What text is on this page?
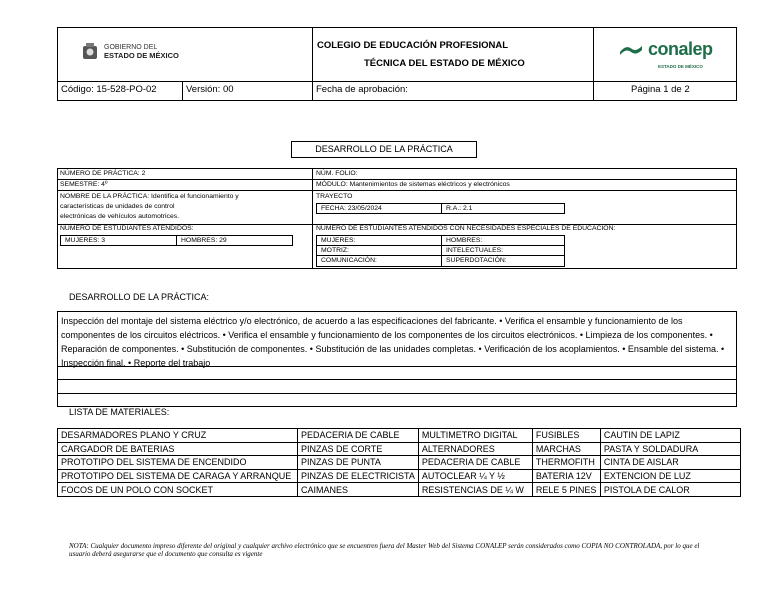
GOBIERNO DEL
ESTADO DE MÉXICO
COLEGIO DE EDUCACIÓN PROFESIONAL
TÉCNICA DEL ESTADO DE MÉXICO
conalep
ESTADO DE MÉXICO
Código: 15-528-PO-02	Versión: 00	Fecha de aprobación:	Página 1 de 2
DESARROLLO DE LA PRÁCTICA
NÚMERO DE PRÁCTICA: 2
SEMESTRE: 4º
NOMBRE DE LA PRÁCTICA: Identifica el funcionamiento y
características de unidades de control
electrónicas de vehículos automotrices.
NÚMERO DE ESTUDIANTES ATENDIDOS:
MUJERES: 3	HOMBRES: 29
NÚM. FOLIO:
MÓDULO: Mantenimientos de sistemas eléctricos y electrónicos
TRAYECTO
FECHA: 23/05/2024	R.A.: 2.1
NÚMERO DE ESTUDIANTES ATENDIDOS CON NECESIDADES ESPECIALES DE EDUCACIÓN:
MUJERES:	HOMBRES:
MOTRIZ:	INTELECTUALES:
COMUNICACIÓN:	SUPERDOTACIÓN:
DESARROLLO DE LA PRÁCTICA:
Inspección del montaje del sistema eléctrico y/o electrónico, de acuerdo a las especificaciones del fabricante. • Verifica el ensamble y funcionamiento de los componentes de los circuitos eléctricos. • Verifica el ensamble y funcionamiento de los componentes de los circuitos electrónicos. • Limpieza de los componentes. • Reparación de componentes. • Substitución de componentes. • Substitución de las unidades completas. • Verificación de los acoplamientos. • Ensamble del sistema. • Inspección final. • Reporte del trabajo
LISTA DE MATERIALES:
DESARMADORES PLANO Y CRUZ	PEDACERIA DE CABLE	MULTIMETRO DIGITAL	FUSIBLES	CAUTIN DE LAPIZ
CARGADOR DE BATERIAS	PINZAS DE CORTE	ALTERNADORES	MARCHAS	PASTA Y SOLDADURA
PROTOTIPO DEL SISTEMA DE ENCENDIDO	PINZAS DE PUNTA	PEDACERIA DE CABLE	THERMOFITH	CINTA DE AISLAR
PROTOTIPO DEL SISTEMA DE CARAGA Y ARRANQUE	PINZAS DE ELECTRICISTA	AUTOCLEAR ¼ Y ½	BATERIA 12V	EXTENCION DE LUZ
FOCOS DE UN POLO CON SOCKET	CAIMANES	RESISTENCIAS DE ¼ W	RELE 5 PINES	PISTOLA DE CALOR
NOTA: Cualquier documento impreso diferente del original y cualquier archivo electrónico que se encuentren fuera del Master Web del Sistema CONALEP serán considerados como COPIA NO CONTROLADA, por lo que el usuario deberá asegurarse que el documento que consulta es vigente
